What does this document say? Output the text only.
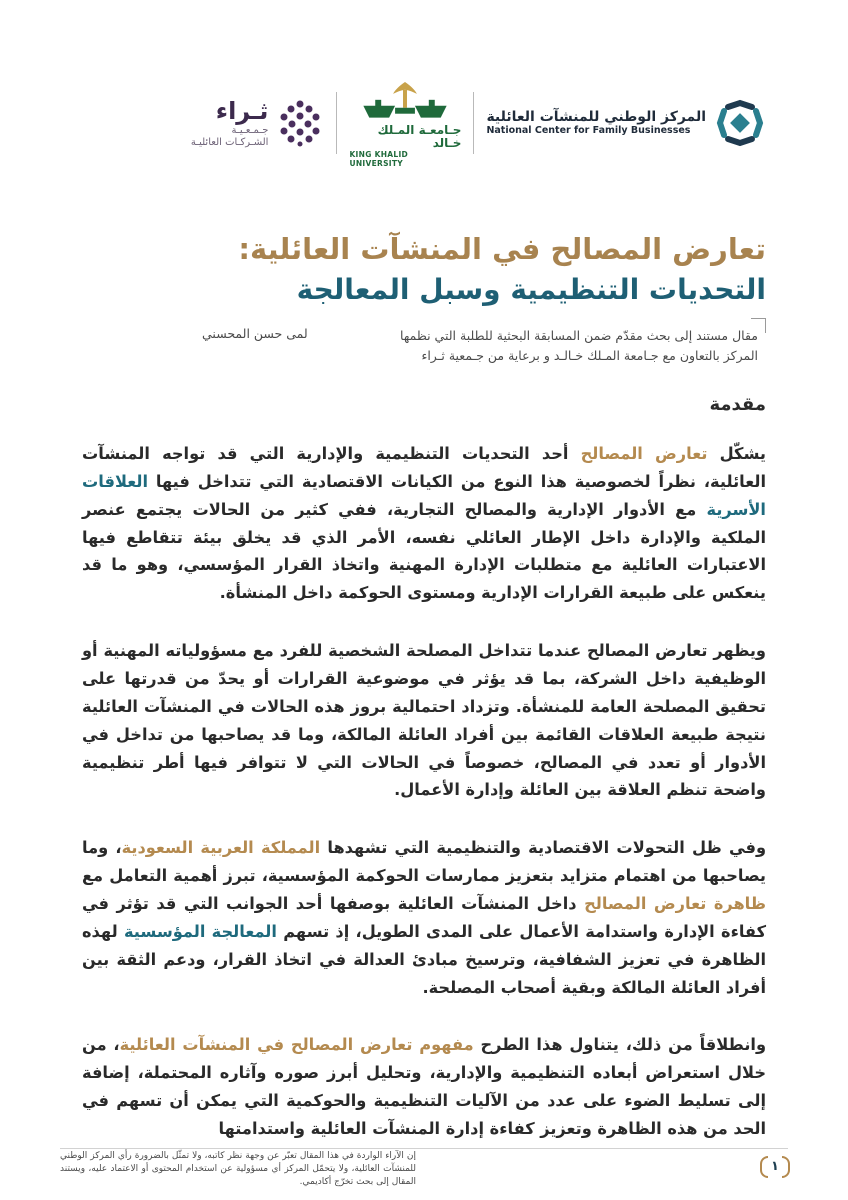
المركز الوطني للمنشآت العائلية
National Center for Family Businesses
جـامعـة المـلك خـالد
KING KHALID UNIVERSITY
ثـراء
جـمـعـيـة
الشـركـات العائليـة
تعارض المصالح في المنشآت العائلية:
التحديات التنظيمية وسبل المعالجة
مقال مستند إلى بحث مقدّم ضمن المسابقة البحثية للطلبة التي نظمها
المركز بالتعاون مع جـامعة المـلك خـالـد و برعاية من جـمعية ثـراء
لمى حسن المحسني
مقدمة

يشكّل تعارض المصالح أحد التحديات التنظيمية والإدارية التي قد تواجه المنشآت العائلية، نظراً لخصوصية هذا النوع من الكيانات الاقتصادية التي تتداخل فيها العلاقات الأسرية مع الأدوار الإدارية والمصالح التجارية، ففي كثير من الحالات يجتمع عنصر الملكية والإدارة داخل الإطار العائلي نفسه، الأمر الذي قد يخلق بيئة تتقاطع فيها الاعتبارات العائلية مع متطلبات الإدارة المهنية واتخاذ القرار المؤسسي، وهو ما قد ينعكس على طبيعة القرارات الإدارية ومستوى الحوكمة داخل المنشأة.

ويظهر تعارض المصالح عندما تتداخل المصلحة الشخصية للفرد مع مسؤولياته المهنية أو الوظيفية داخل الشركة، بما قد يؤثر في موضوعية القرارات أو يحدّ من قدرتها على تحقيق المصلحة العامة للمنشأة. وتزداد احتمالية بروز هذه الحالات في المنشآت العائلية نتيجة طبيعة العلاقات القائمة بين أفراد العائلة المالكة، وما قد يصاحبها من تداخل في الأدوار أو تعدد في المصالح، خصوصاً في الحالات التي لا تتوافر فيها أطر تنظيمية واضحة تنظم العلاقة بين العائلة وإدارة الأعمال.

وفي ظل التحولات الاقتصادية والتنظيمية التي تشهدها المملكة العربية السعودية، وما يصاحبها من اهتمام متزايد بتعزيز ممارسات الحوكمة المؤسسية، تبرز أهمية التعامل مع ظاهرة تعارض المصالح داخل المنشآت العائلية بوصفها أحد الجوانب التي قد تؤثر في كفاءة الإدارة واستدامة الأعمال على المدى الطويل، إذ تسهم المعالجة المؤسسية لهذه الظاهرة في تعزيز الشفافية، وترسيخ مبادئ العدالة في اتخاذ القرار، ودعم الثقة بين أفراد العائلة المالكة وبقية أصحاب المصلحة.

وانطلاقاً من ذلك، يتناول هذا الطرح مفهوم تعارض المصالح في المنشآت العائلية، من خلال استعراض أبعاده التنظيمية والإدارية، وتحليل أبرز صوره وآثاره المحتملة، إضافة إلى تسليط الضوء على عدد من الآليات التنظيمية والحوكمية التي يمكن أن تسهم في الحد من هذه الظاهرة وتعزيز كفاءة إدارة المنشآت العائلية واستدامتها

إن الآراء الواردة في هذا المقال تعبّر عن وجهة نظر كاتبه، ولا تمثّل بالضرورة رأي المركز الوطني للمنشآت العائلية، ولا يتحمّل المركز أي مسؤولية عن استخدام المحتوى أو الاعتماد عليه، ويستند المقال إلى بحث تخرّج أكاديمي.
١
